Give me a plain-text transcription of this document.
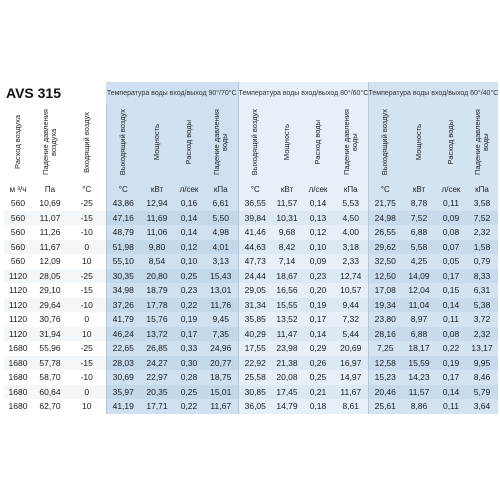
AVS 315			Температура воды вход/выход 90°/70°C				Температура воды вход/выход 80°/60°C				Температура воды вход/выход 60°/40°C			
Расход воздуха	Падение давления воздуха	Входящий воздух	Выходящий воздух	Мощность	Расход воды	Падение давления воды	Выходящий воздух	Мощность	Расход воды	Падение давления воды	Выходящий воздух	Мощность	Расход воды	Падение давления воды
м ³/ч	Па	°C	°C	кВт	л/сек	кПа	°C	кВт	л/сек	кПа	°C	кВт	л/сек	кПа
560	10,69	-25	43,86	12,94	0,16	6,61	36,55	11,57	0,14	5,53	21,75	8,78	0,11	3,58
560	11,07	-15	47,16	11,69	0,14	5,50	39,84	10,31	0,13	4,50	24,98	7,52	0,09	7,52
560	11,26	-10	48,79	11,06	0,14	4,98	41,46	9,68	0,12	4,00	26,55	6,88	0,08	2,32
560	11,67	0	51,98	9,80	0,12	4,01	44,63	8,42	0,10	3,18	29,62	5,58	0,07	1,58
560	12,09	10	55,10	8,54	0,10	3,13	47,73	7,14	0,09	2,33	32,50	4,25	0,05	0,79
1120	28,05	-25	30,35	20,80	0,25	15,43	24,44	18,67	0,23	12,74	12,50	14,09	0,17	8,33
1120	29,10	-15	34,98	18,79	0,23	13,01	29,05	16,56	0,20	10,57	17,08	12,04	0,15	6,31
1120	29,64	-10	37,26	17,78	0,22	11,76	31,34	15,55	0,19	9,44	19,34	11,04	0,14	5,38
1120	30,76	0	41,79	15,76	0,19	9,45	35,85	13,52	0,17	7,32	23,80	8,97	0,11	3,72
1120	31,94	10	46,24	13,72	0,17	7,35	40,29	11,47	0,14	5,44	28,16	6,88	0,08	2,32
1680	55,96	-25	22,65	26,85	0,33	24,96	17,55	23,98	0,29	20,69	7,25	18,17	0,22	13,17
1680	57,78	-15	28,03	24,27	0,30	20,77	22,92	21,38	0,26	16,97	12,58	15,59	0,19	9,95
1680	58,70	-10	30,69	22,97	0,28	18,75	25,58	20,08	0,25	14,97	15,23	14,23	0,17	8,46
1680	60,64	0	35,97	20,35	0,25	15,01	30,85	17,45	0,21	11,67	20,46	11,57	0,14	5,79
1680	62,70	10	41,19	17,71	0,22	11,67	36,05	14,79	0,18	8,61	25,61	8,86	0,11	3,64
